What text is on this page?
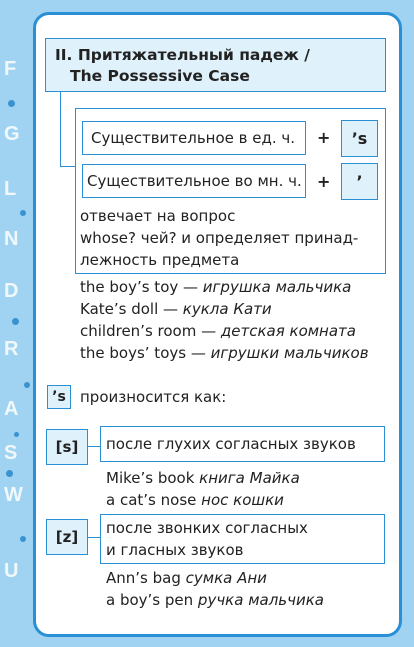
F
G
L
N
D
R
A
S
W
U
II. Притяжательный падеж /
The Possessive Case
Существительное в ед. ч. +	’s
Существительное во мн. ч. +	’
отвечает на вопрос
whose? чей? и определяет принад-
лежность предмета
the boy’s toy — игрушка мальчика
Kate’s doll — кукла Кати
children’s room — детская комната
the boys’ toys — игрушки мальчиков
’s произносится как:
[s]	после глухих согласных звуков
Mike’s book книга Майка
a cat’s nose нос кошки
[z]	после звонких согласных
и гласных звуков
Ann’s bag сумка Ани
a boy’s pen ручка мальчика
